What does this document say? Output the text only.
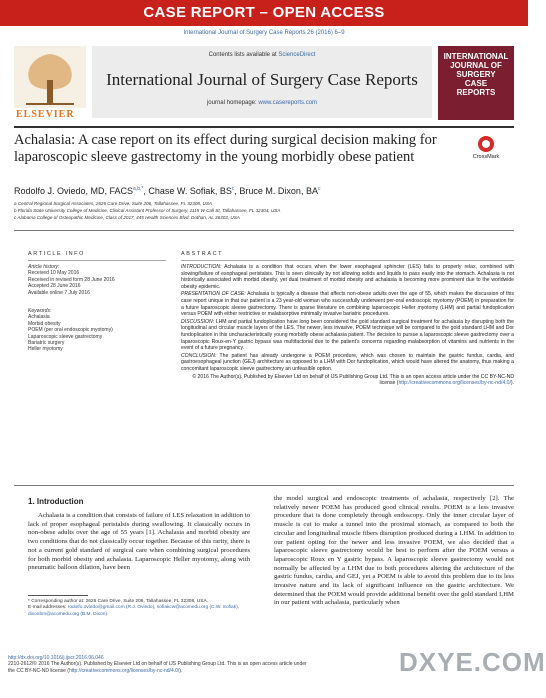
CASE REPORT – OPEN ACCESS
International Journal of Surgery Case Reports 26 (2016) 6–9
ELSEVIER
Contents lists available at ScienceDirect
International Journal of Surgery Case Reports
journal homepage: www.casereports.com
INTERNATIONAL
JOURNAL OF
SURGERY
CASE
REPORTS
Achalasia: A case report on its effect during surgical decision making for laparoscopic sleeve gastrectomy in the young morbidly obese patient	CrossMark
Rodolfo J. Oviedo, MD, $FACS^{a,b,*}$, Chase W. Sofiak, $BS^c$, Bruce M. Dixon, $BA^c$
a Central Regional Surgical Associates, 2626 Care Drive, Suite 206, Tallahassee, FL 32308, USA
b Florida State University College of Medicine, Clinical Assistant Professor of Surgery, 1115 W Call St, Tallahassee, FL 32304, USA
c Alabama College of Osteopathic Medicine, Class of 2017, 445 Health Sciences Blvd, Dothan, AL 36303, USA
ARTICLE INFO	ABSTRACT
Article history:
Received 10 May 2016
Received in revised form 28 June 2016
Accepted 28 June 2016
Available online 7 July 2016
Keywords:
Achalasia
Morbid obesity
POEM (per oral endoscopic myotomy)
Laparoscopic sleeve gastrectomy
Bariatric surgery
Heller myotomy

INTRODUCTION: Achalasia is a condition that occurs when the lower esophageal sphincter (LES) fails to properly relax, combined with slowing/failure of esophageal peristalsis. This is seen clinically by not allowing solids and liquids to pass easily into the stomach. Achalasia is not historically associated with morbid obesity, yet dual treatment of morbid obesity and achalasia is becoming more prominent due to the worldwide obesity epidemic.

PRESENTATION OF CASE: Achalasia is typically a disease that affects non-obese adults over the age of 55, which makes the discussion of this case report unique in that our patient is a 23 year-old woman who successfully underwent per-oral endoscopic myotomy (POEM) in preparation for a future laparoscopic sleeve gastrectomy. There is sparse literature on combining laparoscopic Heller myotomy (LHM) and partial fundoplication versus POEM with either restrictive or malabsorptive minimally invasive bariatric procedures.

DISCUSSION: LHM and partial fundoplication have long been considered the gold standard surgical treatment for achalasia by disrupting both the longitudinal and circular muscle layers of the LES. The newer, less invasive, POEM technique will be compared to the gold standard LHM and Dor fundoplication in this uncharacteristically young morbidly obese achalasia patient. The decision to pursue a laparoscopic sleeve gastrectomy over a laparoscopic Roux-en-Y gastric bypass was multifactorial due to the patient's concerns regarding malabsorption of vitamins and nutrients in the event of a future pregnancy.

CONCLUSION: The patient has already undergone a POEM procedure, which was chosen to maintain the gastric fundus, cardia, and gastroesophageal junction (GEJ) architecture as opposed to a LHM with Dor fundoplication, which would have altered the anatomy, thus making a concomitant laparoscopic sleeve gastrectomy an unfeasible option.

© 2016 The Author(s). Published by Elsevier Ltd on behalf of IJS Publishing Group Ltd. This is an open access article under the CC BY-NC-ND license (http://creativecommons.org/licenses/by-nc-nd/4.0/).

1. Introduction
Achalasia is a condition that consists of failure of LES relaxation in addition to lack of proper esophageal peristalsis during swallowing. It classically occurs in non-obese adults over the age of 55 years [1]. Achalasia and morbid obesity are two conditions that do not classically occur together. Because of this rarity, there is not a current gold standard of surgical care when combining surgical procedures for both morbid obesity and achalasia. Laparoscopic Heller myotomy, along with pneumatic balloon dilation, have been
the model surgical and endoscopic treatments of achalasia, respectively [2]. The relatively newer POEM has produced good clinical results. POEM is a less invasive procedure that is done completely through endoscopy. Only the inner circular layer of muscle is cut to make a tunnel into the proximal stomach, as compared to both the circular and longitudinal muscle fibers disruption produced during a LHM. In addition to our patient opting for the newer and less invasive POEM, we also decided that a laparoscopic sleeve gastrectomy would be best to perform after the POEM versus a laparoscopic Roux en Y gastric bypass. A laparoscopic sleeve gastrectomy would not normally be affected by a LHM due to both procedures altering the architecture of the gastric fundus, cardia, and GEJ, yet a POEM is able to avoid this problem due to its less invasive nature and its lack of significant influence on the gastric architecture. We determined that the POEM would provide additional benefit over the gold standard LHM in our patient with achalasia, particularly when
* Corresponding author at: 2626 Care Drive, Suite 206, Tallahassee, FL 32308, USA.
E-mail addresses: rodolfo.oviedo@gmail.com (R.J. Oviedo), sofiakcw@acomedu.org (C.W. Sofiak), dixonbm@acomedu.org (B.M. Dixon).
http://dx.doi.org/10.1016/j.ijscr.2016.06.046
2210-2612/© 2016 The Author(s). Published by Elsevier Ltd on behalf of IJS Publishing Group Ltd. This is an open access article under the CC BY-NC-ND license (http://creativecommons.org/licenses/by-nc-nd/4.0/).	DXYE.COM
